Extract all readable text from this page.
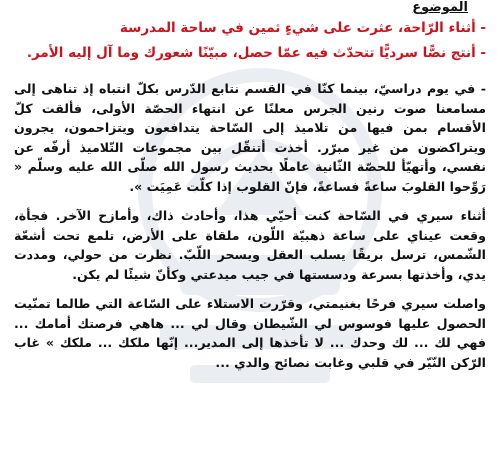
الموضوع

- أثناء الرّاحة، عثرت على شيءٍ ثمين في ساحة المدرسة

- أنتج نصًّا سرديًّا تتحدّث فيه عمّا حصل، مبيّنًا شعورك وما آل إليه الأمر.

- في يوم دراسيّ، بينما كنّا في القسم نتابع الدّرس بكلّ انتباه إذ تناهى إلى مسامعنا صوت رنين الجرس معلنًا عن انتهاء الحصّة الأولى، فألقت كلّ الأقسام بمن فيها من تلاميذ إلى السّاحة يتدافعون ويتزاحمون، يجرون ويتراكضون من غير مبرّر. أخذت أتنقّل بين مجموعات التّلاميذ أرفّه عن نفسي، وأتهيّأ للحصّة الثّانية عاملًا بحديث رسول الله صلّى الله عليه وسلّم « رَوِّحوا القلوبَ ساعةً فساعةً، فإنّ القلوب إذا كلّت عَمِيَت ».

أثناء سيري في السّاحة كنت أحيّي هذا، وأحادث ذاك، وأمازح الآخر. فجأة، وقعت عيناي على ساعة ذهبيّة اللّون، ملقاة على الأرض، تلمع تحت أشعّة الشّمس، ترسل بريقًا يسلب العقل ويسحر اللّبّ. نظرت من حولي، ومددت يدي، وأخذتها بسرعة ودسستها في جيب ميدعتي وكأنّ شيئًا لم يكن.

واصلت سيري فرحًا بغنيمتي، وقرّرت الاستلاء على السّاعة التي طالما تمنّيت الحصول عليها فوسوس لي الشّيطان وقال لي ... هاهي فرصتك أمامك ... فهي لك ... لك وحدك ... لا تأخذها إلى المدير... إنّها ملكك ... ملكك » غاب الرّكن النّيّر في قلبي وغابت نصائح والدي ...
